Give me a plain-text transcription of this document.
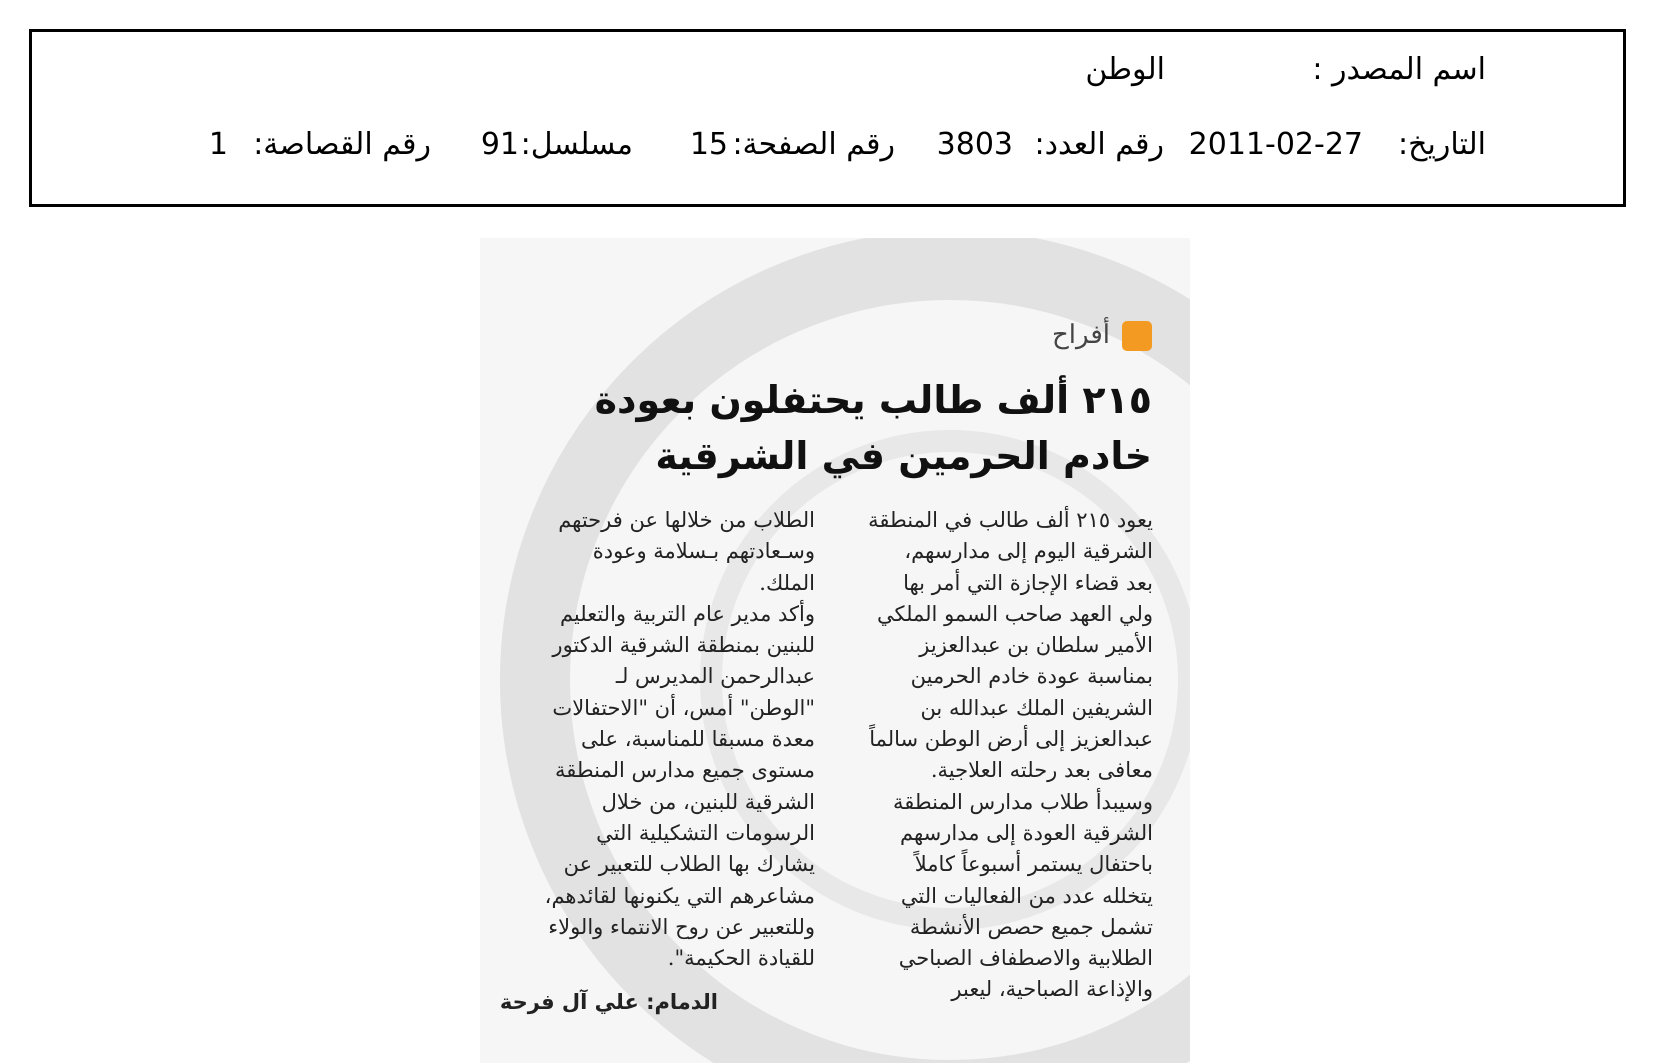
اسم المصدر :
الوطن
التاريخ:
2011-02-27
رقم العدد:
3803
رقم الصفحة:
15
مسلسل:
91
رقم القصاصة:
1
أفراح
٢١٥ ألف طالب يحتفلون بعودة
خادم الحرمين في الشرقية
يعود ٢١٥ ألف طالب في المنطقة
الشرقية اليوم إلى مدارسهم،
بعد قضاء الإجازة التي أمر بها
ولي العهد صاحب السمو الملكي
الأمير سلطان بن عبدالعزيز
بمناسبة عودة خادم الحرمين
الشريفين الملك عبدالله بن
عبدالعزيز إلى أرض الوطن سالماً
معافى بعد رحلته العلاجية.
وسيبدأ طلاب مدارس المنطقة
الشرقية العودة إلى مدارسهم
باحتفال يستمر أسبوعاً كاملاً
يتخلله عدد من الفعاليات التي
تشمل جميع حصص الأنشطة
الطلابية والاصطفاف الصباحي
والإذاعة الصباحية، ليعبر
الطلاب من خلالها عن فرحتهم
وسـعادتهم بـسلامة وعودة
الملك.
وأكد مدير عام التربية والتعليم
للبنين بمنطقة الشرقية الدكتور
عبدالرحمن المديرس لـ
"الوطن" أمس، أن "الاحتفالات
معدة مسبقا للمناسبة، على
مستوى جميع مدارس المنطقة
الشرقية للبنين، من خلال
الرسومات التشكيلية التي
يشارك بها الطلاب للتعبير عن
مشاعرهم التي يكنونها لقائدهم،
وللتعبير عن روح الانتماء والولاء
للقيادة الحكيمة".
الدمام: علي آل فرحة
